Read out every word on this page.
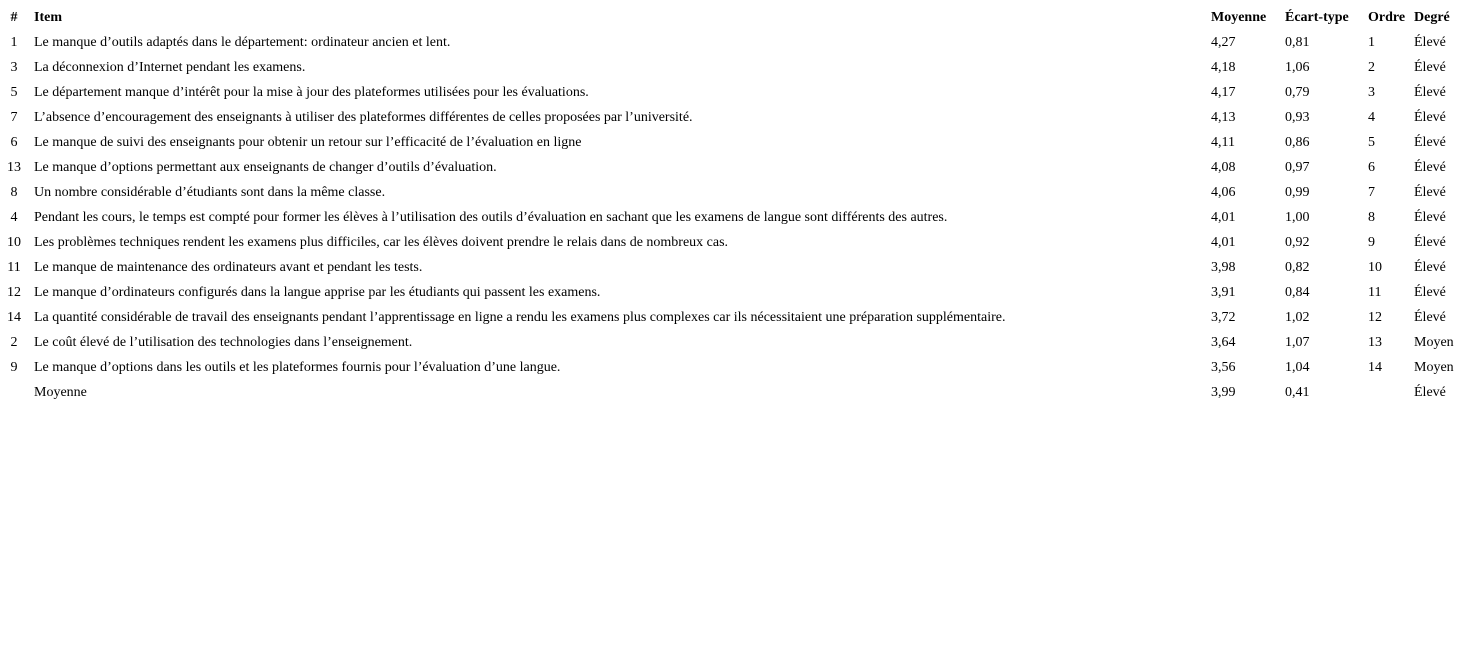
#	Item	Moyenne	Écart-type	Ordre	Degré
1	Le manque d’outils adaptés dans le département: ordinateur ancien et lent.	4,27	0,81	1	Élevé
3	La déconnexion d’Internet pendant les examens.	4,18	1,06	2	Élevé
5	Le département manque d’intérêt pour la mise à jour des plateformes utilisées pour les évaluations.	4,17	0,79	3	Élevé
7	L’absence d’encouragement des enseignants à utiliser des plateformes différentes de celles proposées par l’université.	4,13	0,93	4	Élevé
6	Le manque de suivi des enseignants pour obtenir un retour sur l’efficacité de l’évaluation en ligne	4,11	0,86	5	Élevé
13	Le manque d’options permettant aux enseignants de changer d’outils d’évaluation.	4,08	0,97	6	Élevé
8	Un nombre considérable d’étudiants sont dans la même classe.	4,06	0,99	7	Élevé
4	Pendant les cours, le temps est compté pour former les élèves à l’utilisation des outils d’évaluation en sachant que les examens de langue sont différents des autres.	4,01	1,00	8	Élevé
10	Les problèmes techniques rendent les examens plus difficiles, car les élèves doivent prendre le relais dans de nombreux cas.	4,01	0,92	9	Élevé
11	Le manque de maintenance des ordinateurs avant et pendant les tests.	3,98	0,82	10	Élevé
12	Le manque d’ordinateurs configurés dans la langue apprise par les étudiants qui passent les examens.	3,91	0,84	11	Élevé
14	La quantité considérable de travail des enseignants pendant l’apprentissage en ligne a rendu les examens plus complexes car ils nécessitaient une préparation supplémentaire.	3,72	1,02	12	Élevé
2	Le coût élevé de l’utilisation des technologies dans l’enseignement.	3,64	1,07	13	Moyen
9	Le manque d’options dans les outils et les plateformes fournis pour l’évaluation d’une langue.	3,56	1,04	14	Moyen
	Moyenne	3,99	0,41		Élevé
